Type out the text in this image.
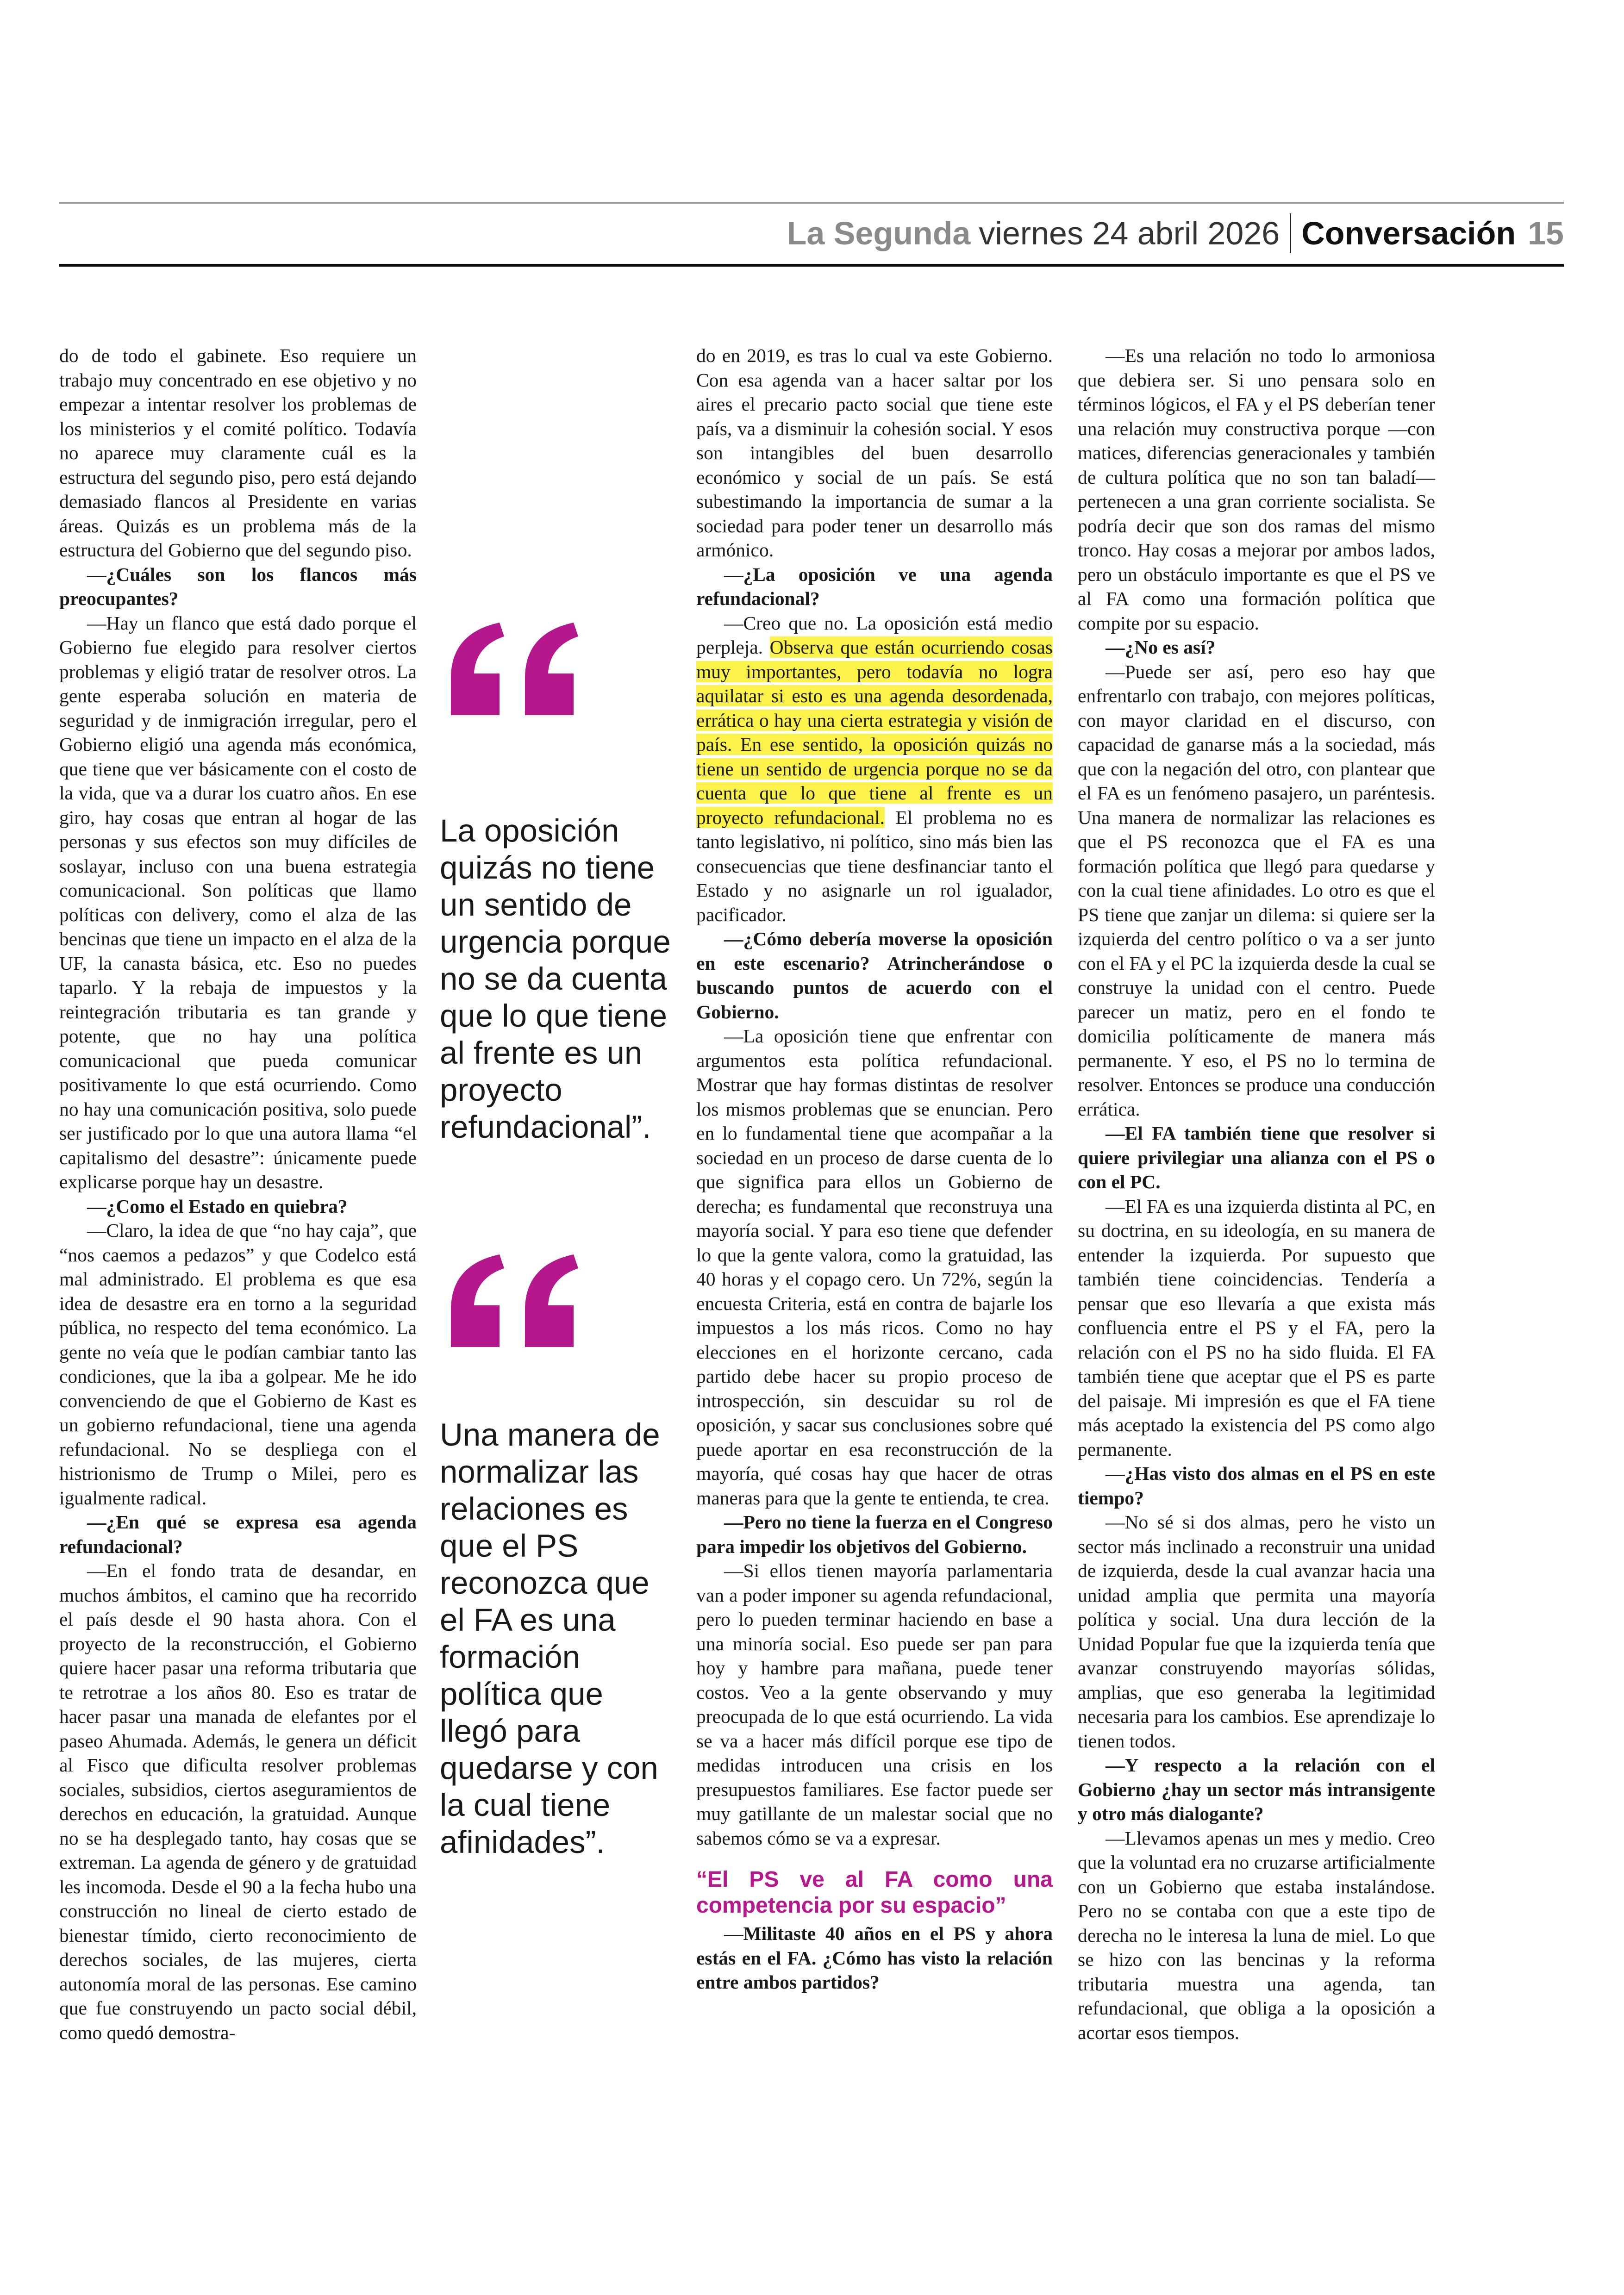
La Segunda viernes 24 abril 2026 Conversación 15

do de todo el gabinete. Eso requiere un trabajo muy concentrado en ese objetivo y no empezar a intentar resolver los problemas de los ministerios y el comité político. Todavía no aparece muy claramente cuál es la estructura del segundo piso, pero está dejando demasiado flancos al Presidente en varias áreas. Quizás es un problema más de la estructura del Gobierno que del segundo piso.

—¿Cuáles son los flancos más preocupantes?

—Hay un flanco que está dado porque el Gobierno fue elegido para resolver ciertos problemas y eligió tratar de resolver otros. La gente esperaba solución en materia de seguridad y de inmigración irregular, pero el Gobierno eligió una agenda más económica, que tiene que ver básicamente con el costo de la vida, que va a durar los cuatro años. En ese giro, hay cosas que entran al hogar de las personas y sus efectos son muy difíciles de soslayar, incluso con una buena estrategia comunicacional. Son políticas que llamo políticas con delivery, como el alza de las bencinas que tiene un impacto en el alza de la UF, la canasta básica, etc. Eso no puedes taparlo. Y la rebaja de impuestos y la reintegración tributaria es tan grande y potente, que no hay una política comunicacional que pueda comunicar positivamente lo que está ocurriendo. Como no hay una comunicación positiva, solo puede ser justificado por lo que una autora llama “el capitalismo del desastre”: únicamente puede explicarse porque hay un desastre.

—¿Como el Estado en quiebra?

—Claro, la idea de que “no hay caja”, que “nos caemos a pedazos” y que Codelco está mal administrado. El problema es que esa idea de desastre era en torno a la seguridad pública, no respecto del tema económico. La gente no veía que le podían cambiar tanto las condiciones, que la iba a golpear. Me he ido convenciendo de que el Gobierno de Kast es un gobierno refundacional, tiene una agenda refundacional. No se despliega con el histrionismo de Trump o Milei, pero es igualmente radical.

—¿En qué se expresa esa agenda refundacional?

—En el fondo trata de desandar, en muchos ámbitos, el camino que ha recorrido el país desde el 90 hasta ahora. Con el proyecto de la reconstrucción, el Gobierno quiere hacer pasar una reforma tributaria que te retrotrae a los años 80. Eso es tratar de hacer pasar una manada de elefantes por el paseo Ahumada. Además, le genera un déficit al Fisco que dificulta resolver problemas sociales, subsidios, ciertos aseguramientos de derechos en educación, la gratuidad. Aunque no se ha desplegado tanto, hay cosas que se extreman. La agenda de género y de gratuidad les incomoda. Desde el 90 a la fecha hubo una construcción no lineal de cierto estado de bienestar tímido, cierto reconocimiento de derechos sociales, de las mujeres, cierta autonomía moral de las personas. Ese camino que fue construyendo un pacto social débil, como quedó demostra-

La oposición quizás no tiene un sentido de urgencia porque no se da cuenta que lo que tiene al frente es un proyecto refundacional”.
Una manera de normalizar las relaciones es que el PS reconozca que el FA es una formación política que llegó para quedarse y con la cual tiene afinidades”.

do en 2019, es tras lo cual va este Gobierno. Con esa agenda van a hacer saltar por los aires el precario pacto social que tiene este país, va a disminuir la cohesión social. Y esos son intangibles del buen desarrollo económico y social de un país. Se está subestimando la importancia de sumar a la sociedad para poder tener un desarrollo más armónico.

—¿La oposición ve una agenda refundacional?

—Creo que no. La oposición está medio perpleja. Observa que están ocurriendo cosas muy importantes, pero todavía no logra aquilatar si esto es una agenda desordenada, errática o hay una cierta estrategia y visión de país. En ese sentido, la oposición quizás no tiene un sentido de urgencia porque no se da cuenta que lo que tiene al frente es un proyecto refundacional. El problema no es tanto legislativo, ni político, sino más bien las consecuencias que tiene desfinanciar tanto el Estado y no asignarle un rol igualador, pacificador.

—¿Cómo debería moverse la oposición en este escenario? Atrincherándose o buscando puntos de acuerdo con el Gobierno.

—La oposición tiene que enfrentar con argumentos esta política refundacional. Mostrar que hay formas distintas de resolver los mismos problemas que se enuncian. Pero en lo fundamental tiene que acompañar a la sociedad en un proceso de darse cuenta de lo que significa para ellos un Gobierno de derecha; es fundamental que reconstruya una mayoría social. Y para eso tiene que defender lo que la gente valora, como la gratuidad, las 40 horas y el copago cero. Un 72%, según la encuesta Criteria, está en contra de bajarle los impuestos a los más ricos. Como no hay elecciones en el horizonte cercano, cada partido debe hacer su propio proceso de introspección, sin descuidar su rol de oposición, y sacar sus conclusiones sobre qué puede aportar en esa reconstrucción de la mayoría, qué cosas hay que hacer de otras maneras para que la gente te entienda, te crea.

—Pero no tiene la fuerza en el Congreso para impedir los objetivos del Gobierno.

—Si ellos tienen mayoría parlamentaria van a poder imponer su agenda refundacional, pero lo pueden terminar haciendo en base a una minoría social. Eso puede ser pan para hoy y hambre para mañana, puede tener costos. Veo a la gente observando y muy preocupada de lo que está ocurriendo. La vida se va a hacer más difícil porque ese tipo de medidas introducen una crisis en los presupuestos familiares. Ese factor puede ser muy gatillante de un malestar social que no sabemos cómo se va a expresar.

“El PS ve al FA como una competencia por su espacio”

—Militaste 40 años en el PS y ahora estás en el FA. ¿Cómo has visto la relación entre ambos partidos?

—Es una relación no todo lo armoniosa que debiera ser. Si uno pensara solo en términos lógicos, el FA y el PS deberían tener una relación muy constructiva porque —con matices, diferencias generacionales y también de cultura política que no son tan baladí— pertenecen a una gran corriente socialista. Se podría decir que son dos ramas del mismo tronco. Hay cosas a mejorar por ambos lados, pero un obstáculo importante es que el PS ve al FA como una formación política que compite por su espacio.

—¿No es así?

—Puede ser así, pero eso hay que enfrentarlo con trabajo, con mejores políticas, con mayor claridad en el discurso, con capacidad de ganarse más a la sociedad, más que con la negación del otro, con plantear que el FA es un fenómeno pasajero, un paréntesis. Una manera de normalizar las relaciones es que el PS reconozca que el FA es una formación política que llegó para quedarse y con la cual tiene afinidades. Lo otro es que el PS tiene que zanjar un dilema: si quiere ser la izquierda del centro político o va a ser junto con el FA y el PC la izquierda desde la cual se construye la unidad con el centro. Puede parecer un matiz, pero en el fondo te domicilia políticamente de manera más permanente. Y eso, el PS no lo termina de resolver. Entonces se produce una conducción errática.

—El FA también tiene que resolver si quiere privilegiar una alianza con el PS o con el PC.

—El FA es una izquierda distinta al PC, en su doctrina, en su ideología, en su manera de entender la izquierda. Por supuesto que también tiene coincidencias. Tendería a pensar que eso llevaría a que exista más confluencia entre el PS y el FA, pero la relación con el PS no ha sido fluida. El FA también tiene que aceptar que el PS es parte del paisaje. Mi impresión es que el FA tiene más aceptado la existencia del PS como algo permanente.

—¿Has visto dos almas en el PS en este tiempo?

—No sé si dos almas, pero he visto un sector más inclinado a reconstruir una unidad de izquierda, desde la cual avanzar hacia una unidad amplia que permita una mayoría política y social. Una dura lección de la Unidad Popular fue que la izquierda tenía que avanzar construyendo mayorías sólidas, amplias, que eso generaba la legitimidad necesaria para los cambios. Ese aprendizaje lo tienen todos.

—Y respecto a la relación con el Gobierno ¿hay un sector más intransigente y otro más dialogante?

—Llevamos apenas un mes y medio. Creo que la voluntad era no cruzarse artificialmente con un Gobierno que estaba instalándose. Pero no se contaba con que a este tipo de derecha no le interesa la luna de miel. Lo que se hizo con las bencinas y la reforma tributaria muestra una agenda, tan refundacional, que obliga a la oposición a acortar esos tiempos.
